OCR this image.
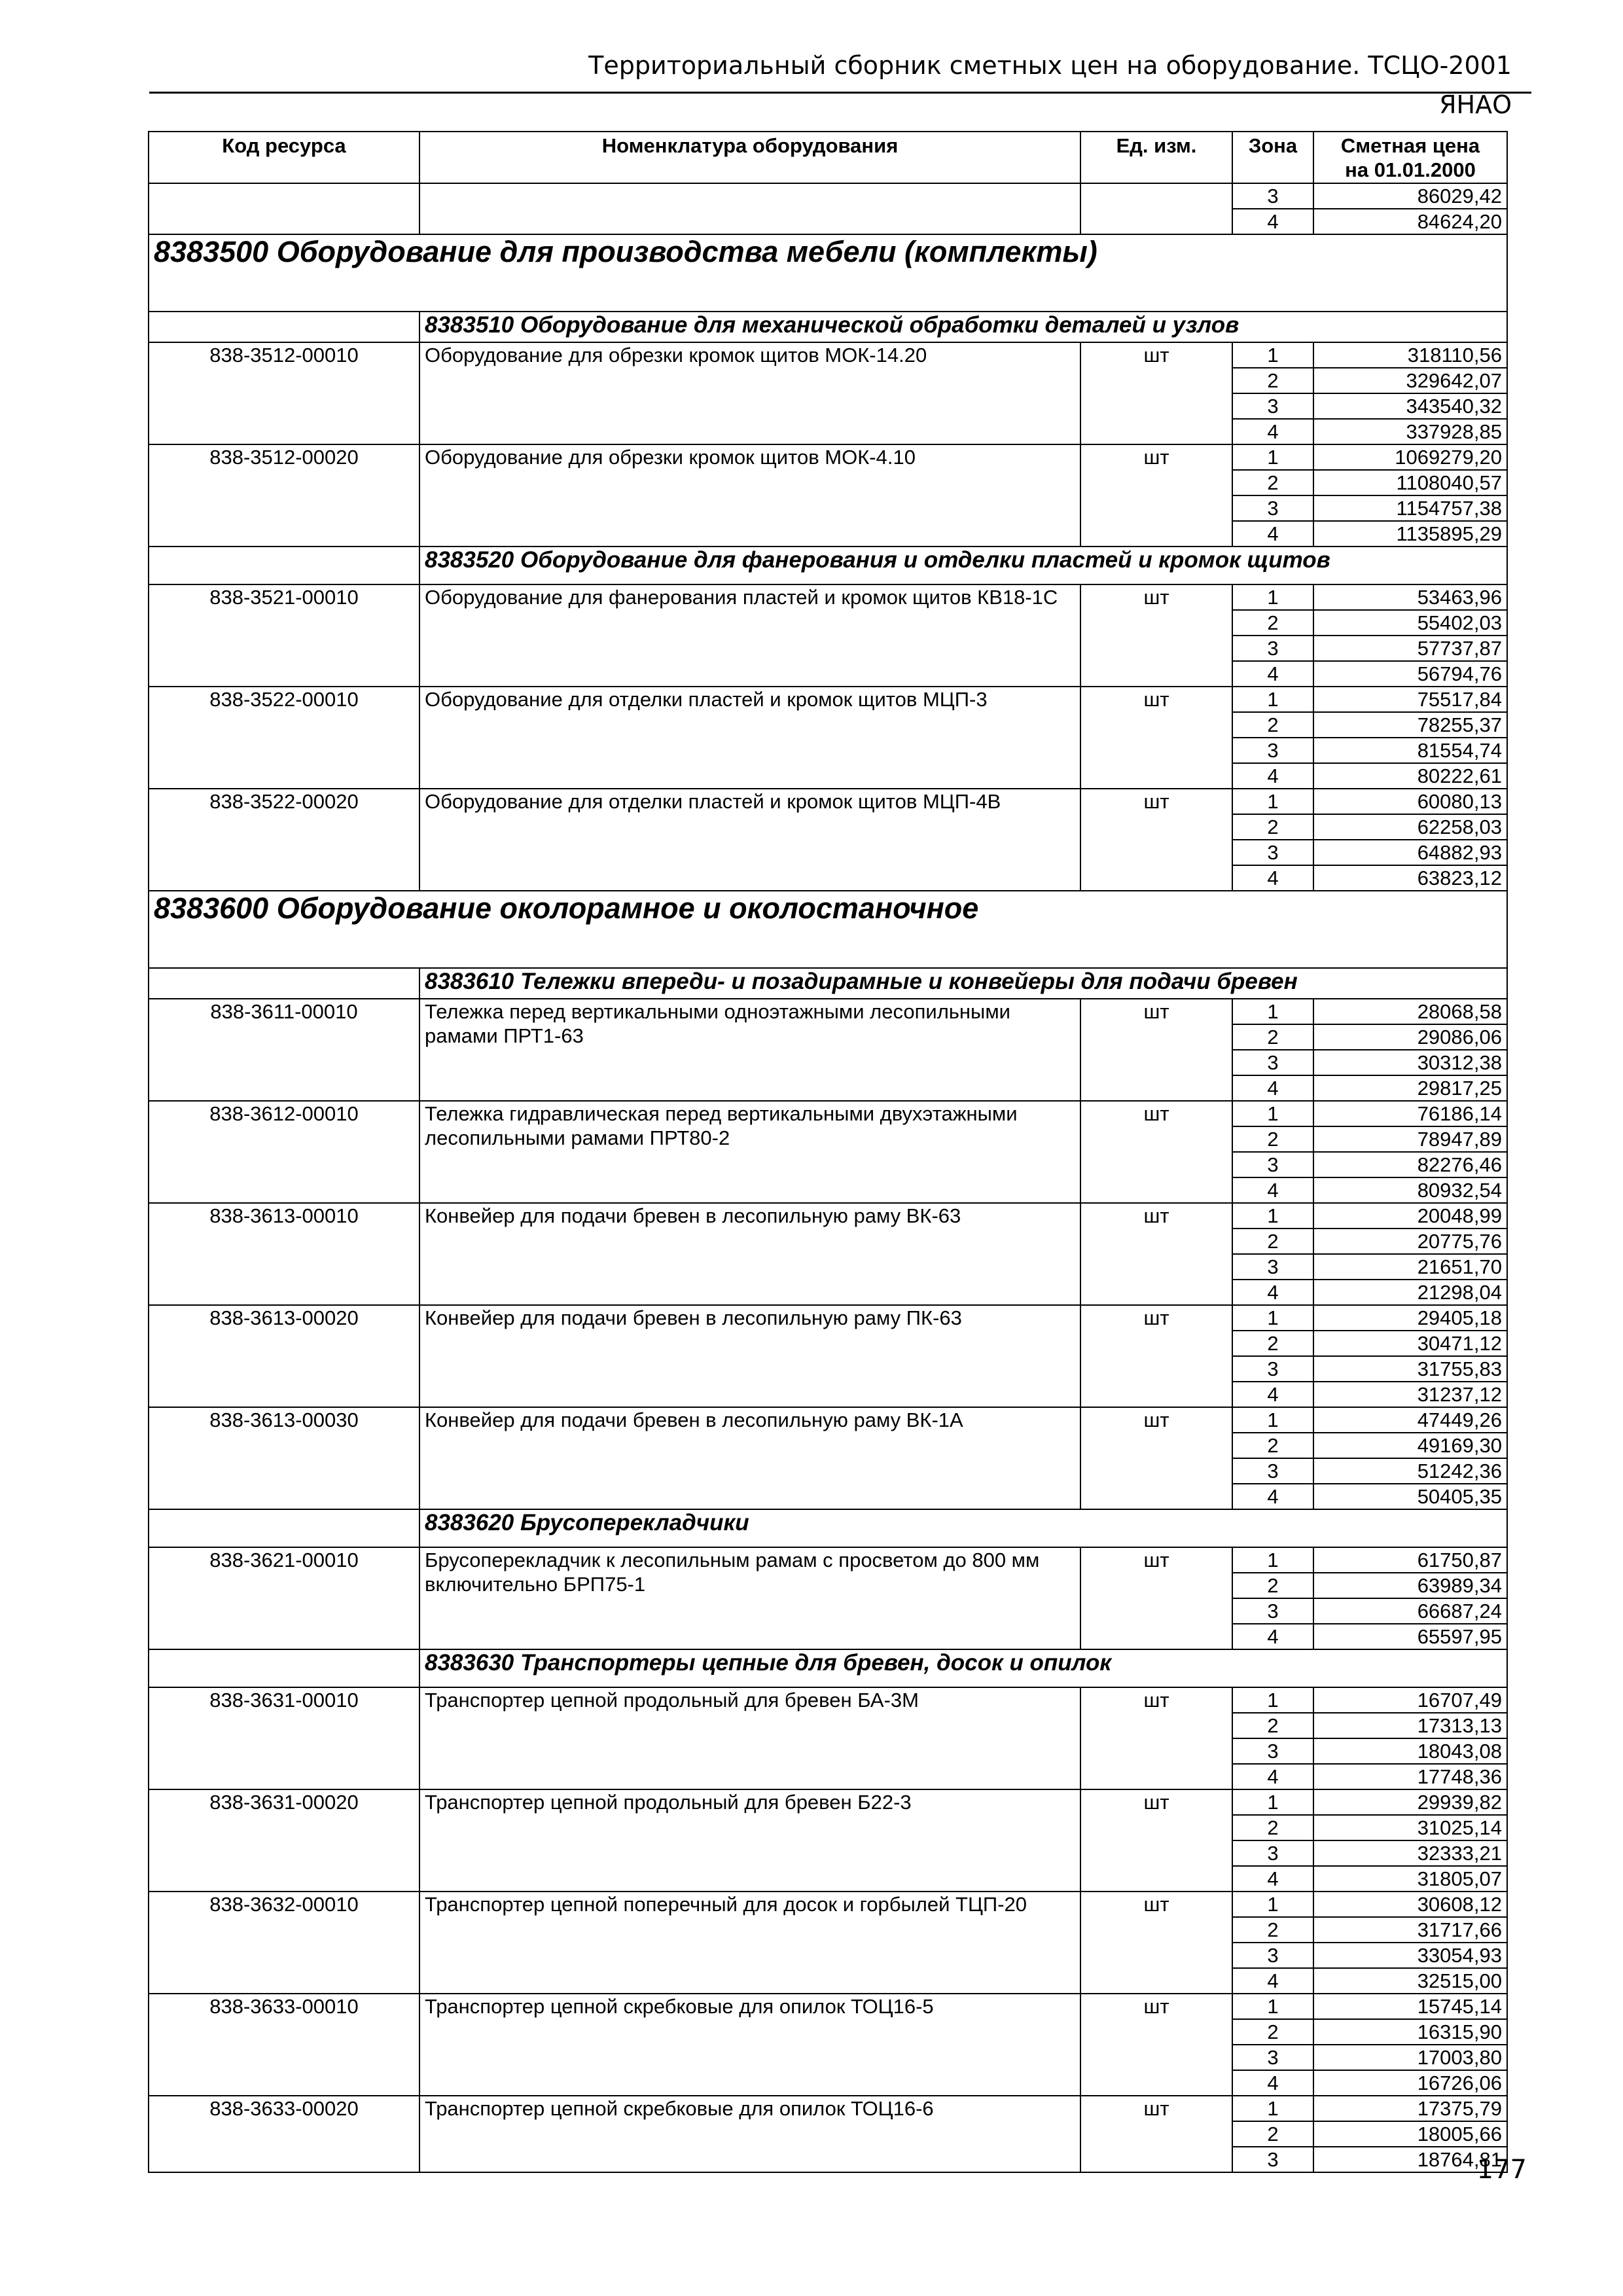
Территориальный сборник сметных цен на оборудование. ТСЦО-2001 ЯНАО
Код ресурса	Номенклатура оборудования	Ед. изм.	Зона	Сметная цена
на 01.01.2000
			3	86029,42
			4	84624,20
8383500 Оборудование для производства мебели (комплекты)				
	8383510 Оборудование для механической обработки деталей и узлов			
838-3512-00010	Оборудование для обрезки кромок щитов МОК-14.20	шт	1	318110,56
			2	329642,07
			3	343540,32
			4	337928,85
838-3512-00020	Оборудование для обрезки кромок щитов МОК-4.10	шт	1	1069279,20
			2	1108040,57
			3	1154757,38
			4	1135895,29
	8383520 Оборудование для фанерования и отделки пластей и кромок щитов			
838-3521-00010	Оборудование для фанерования пластей и кромок щитов КВ18-1С	шт	1	53463,96
			2	55402,03
			3	57737,87
			4	56794,76
838-3522-00010	Оборудование для отделки пластей и кромок щитов МЦП-3	шт	1	75517,84
			2	78255,37
			3	81554,74
			4	80222,61
838-3522-00020	Оборудование для отделки пластей и кромок щитов МЦП-4В	шт	1	60080,13
			2	62258,03
			3	64882,93
			4	63823,12
8383600 Оборудование околорамное и околостаночное				
	8383610 Тележки впереди- и позадирамные и конвейеры для подачи бревен			
838-3611-00010	Тележка перед вертикальными одноэтажными лесопильными рамами ПРТ1-63	шт	1	28068,58
			2	29086,06
			3	30312,38
			4	29817,25
838-3612-00010	Тележка гидравлическая перед вертикальными двухэтажными лесопильными рамами ПРТ80-2	шт	1	76186,14
			2	78947,89
			3	82276,46
			4	80932,54
838-3613-00010	Конвейер для подачи бревен в лесопильную раму ВК-63	шт	1	20048,99
			2	20775,76
			3	21651,70
			4	21298,04
838-3613-00020	Конвейер для подачи бревен в лесопильную раму ПК-63	шт	1	29405,18
			2	30471,12
			3	31755,83
			4	31237,12
838-3613-00030	Конвейер для подачи бревен в лесопильную раму ВК-1А	шт	1	47449,26
			2	49169,30
			3	51242,36
			4	50405,35
	8383620 Брусоперекладчики			
838-3621-00010	Брусоперекладчик к лесопильным рамам с просветом до 800 мм включительно БРП75-1	шт	1	61750,87
			2	63989,34
			3	66687,24
			4	65597,95
	8383630 Транспортеры цепные для бревен, досок и опилок			
838-3631-00010	Транспортер цепной продольный для бревен БА-3М	шт	1	16707,49
			2	17313,13
			3	18043,08
			4	17748,36
838-3631-00020	Транспортер цепной продольный для бревен Б22-3	шт	1	29939,82
			2	31025,14
			3	32333,21
			4	31805,07
838-3632-00010	Транспортер цепной поперечный для досок и горбылей ТЦП-20	шт	1	30608,12
			2	31717,66
			3	33054,93
			4	32515,00
838-3633-00010	Транспортер цепной скребковые для опилок ТОЦ16-5	шт	1	15745,14
			2	16315,90
			3	17003,80
			4	16726,06
838-3633-00020	Транспортер цепной скребковые для опилок ТОЦ16-6	шт	1	17375,79
			2	18005,66
			3	18764,81
177
